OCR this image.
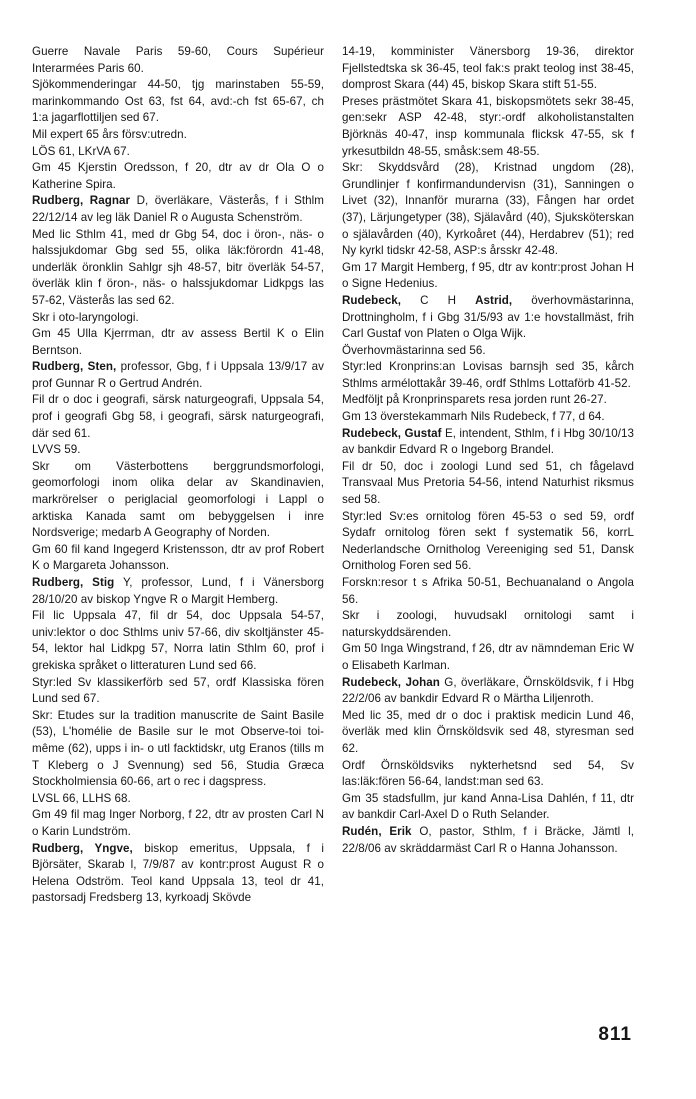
Guerre Navale Paris 59-60, Cours Supérieur Interarmées Paris 60.

Sjökommenderingar 44-50, tjg marinstaben 55-59, marinkommando Ost 63, fst 64, avd:-ch fst 65-67, ch 1:a jagarflottiljen sed 67.

Mil expert 65 års försv:utredn.

LÖS 61, LKrVA 67.

Gm 45 Kjerstin Oredsson, f 20, dtr av dr Ola O o Katherine Spira.

Rudberg, Ragnar D, överläkare, Västerås, f i Sthlm 22/12/14 av leg läk Daniel R o Augusta Schenström.

Med lic Sthlm 41, med dr Gbg 54, doc i öron-, näs- o halssjukdomar Gbg sed 55, olika läk:förordn 41-48, underläk öronklin Sahlgr sjh 48-57, bitr överläk 54-57, överläk klin f öron-, näs- o halssjukdomar Lidkpgs las 57-62, Västerås las sed 62.

Skr i oto-laryngologi.

Gm 45 Ulla Kjerrman, dtr av assess Bertil K o Elin Berntson.

Rudberg, Sten, professor, Gbg, f i Uppsala 13/9/17 av prof Gunnar R o Gertrud Andrén.

Fil dr o doc i geografi, särsk naturgeografi, Uppsala 54, prof i geografi Gbg 58, i geografi, särsk naturgeografi, där sed 61.

LVVS 59.

Skr om Västerbottens berggrundsmorfologi, geomorfologi inom olika delar av Skandinavien, markrörelser o periglacial geomorfologi i Lappl o arktiska Kanada samt om bebyggelsen i inre Nordsverige; medarb A Geography of Norden.

Gm 60 fil kand Ingegerd Kristensson, dtr av prof Robert K o Margareta Johansson.

Rudberg, Stig Y, professor, Lund, f i Vänersborg 28/10/20 av biskop Yngve R o Margit Hemberg.

Fil lic Uppsala 47, fil dr 54, doc Uppsala 54-57, univ:lektor o doc Sthlms univ 57-66, div skoltjänster 45-54, lektor hal Lidkpg 57, Norra latin Sthlm 60, prof i grekiska språket o litteraturen Lund sed 66.

Styr:led Sv klassikerförb sed 57, ordf Klassiska fören Lund sed 67.

Skr: Etudes sur la tradition manuscrite de Saint Basile (53), L'homélie de Basile sur le mot Observe-toi toi-même (62), upps i in- o utl facktidskr, utg Eranos (tills m T Kleberg o J Svennung) sed 56, Studia Græca Stockholmiensia 60-66, art o rec i dagspress.

LVSL 66, LLHS 68.

Gm 49 fil mag Inger Norborg, f 22, dtr av prosten Carl N o Karin Lundström.

Rudberg, Yngve, biskop emeritus, Uppsala, f i Björsäter, Skarab l, 7/9/87 av kontr:prost August R o Helena Odström. Teol kand Uppsala 13, teol dr 41, pastorsadj Fredsberg 13, kyrkoadj Skövde

14-19, komminister Vänersborg 19-36, direktor Fjellstedtska sk 36-45, teol fak:s prakt teolog inst 38-45, domprost Skara (44) 45, biskop Skara stift 51-55.

Preses prästmötet Skara 41, biskopsmötets sekr 38-45, gen:sekr ASP 42-48, styr:-ordf alkoholistanstalten Björknäs 40-47, insp kommunala flicksk 47-55, sk f yrkesutbildn 48-55, småsk:sem 48-55.

Skr: Skyddsvård (28), Kristnad ungdom (28), Grundlinjer f konfirmandundervisn (31), Sanningen o Livet (32), Innanför murarna (33), Fången har ordet (37), Lärjungetyper (38), Själavård (40), Sjuksköterskan o själavården (40), Kyrkoåret (44), Herdabrev (51); red Ny kyrkl tidskr 42-58, ASP:s årsskr 42-48.

Gm 17 Margit Hemberg, f 95, dtr av kontr:prost Johan H o Signe Hedenius.

Rudebeck, C H Astrid, överhovmästarinna, Drottningholm, f i Gbg 31/5/93 av 1:e hovstallmäst, frih Carl Gustaf von Platen o Olga Wijk.

Överhovmästarinna sed 56.

Styr:led Kronprins:an Lovisas barnsjh sed 35, kårch Sthlms armélottakår 39-46, ordf Sthlms Lottaförb 41-52.

Medföljt på Kronprinsparets resa jorden runt 26-27.

Gm 13 överstekammarh Nils Rudebeck, f 77, d 64.

Rudebeck, Gustaf E, intendent, Sthlm, f i Hbg 30/10/13 av bankdir Edvard R o Ingeborg Brandel.

Fil dr 50, doc i zoologi Lund sed 51, ch fågelavd Transvaal Mus Pretoria 54-56, intend Naturhist riksmus sed 58.

Styr:led Sv:es ornitolog fören 45-53 o sed 59, ordf Sydafr ornitolog fören sekt f systematik 56, korrL Nederlandsche Ornitholog Vereeniging sed 51, Dansk Ornitholog Foren sed 56.

Forskn:resor t s Afrika 50-51, Bechuanaland o Angola 56.

Skr i zoologi, huvudsakl ornitologi samt i naturskyddsärenden.

Gm 50 Inga Wingstrand, f 26, dtr av nämndeman Eric W o Elisabeth Karlman.

Rudebeck, Johan G, överläkare, Örnsköldsvik, f i Hbg 22/2/06 av bankdir Edvard R o Märtha Liljenroth.

Med lic 35, med dr o doc i praktisk medicin Lund 46, överläk med klin Örnsköldsvik sed 48, styresman sed 62.

Ordf Örnsköldsviks nykterhetsnd sed 54, Sv las:läk:fören 56-64, landst:man sed 63.

Gm 35 stadsfullm, jur kand Anna-Lisa Dahlén, f 11, dtr av bankdir Carl-Axel D o Ruth Selander.

Rudén, Erik O, pastor, Sthlm, f i Bräcke, Jämtl l, 22/8/06 av skräddarmäst Carl R o Hanna Johansson.

811
